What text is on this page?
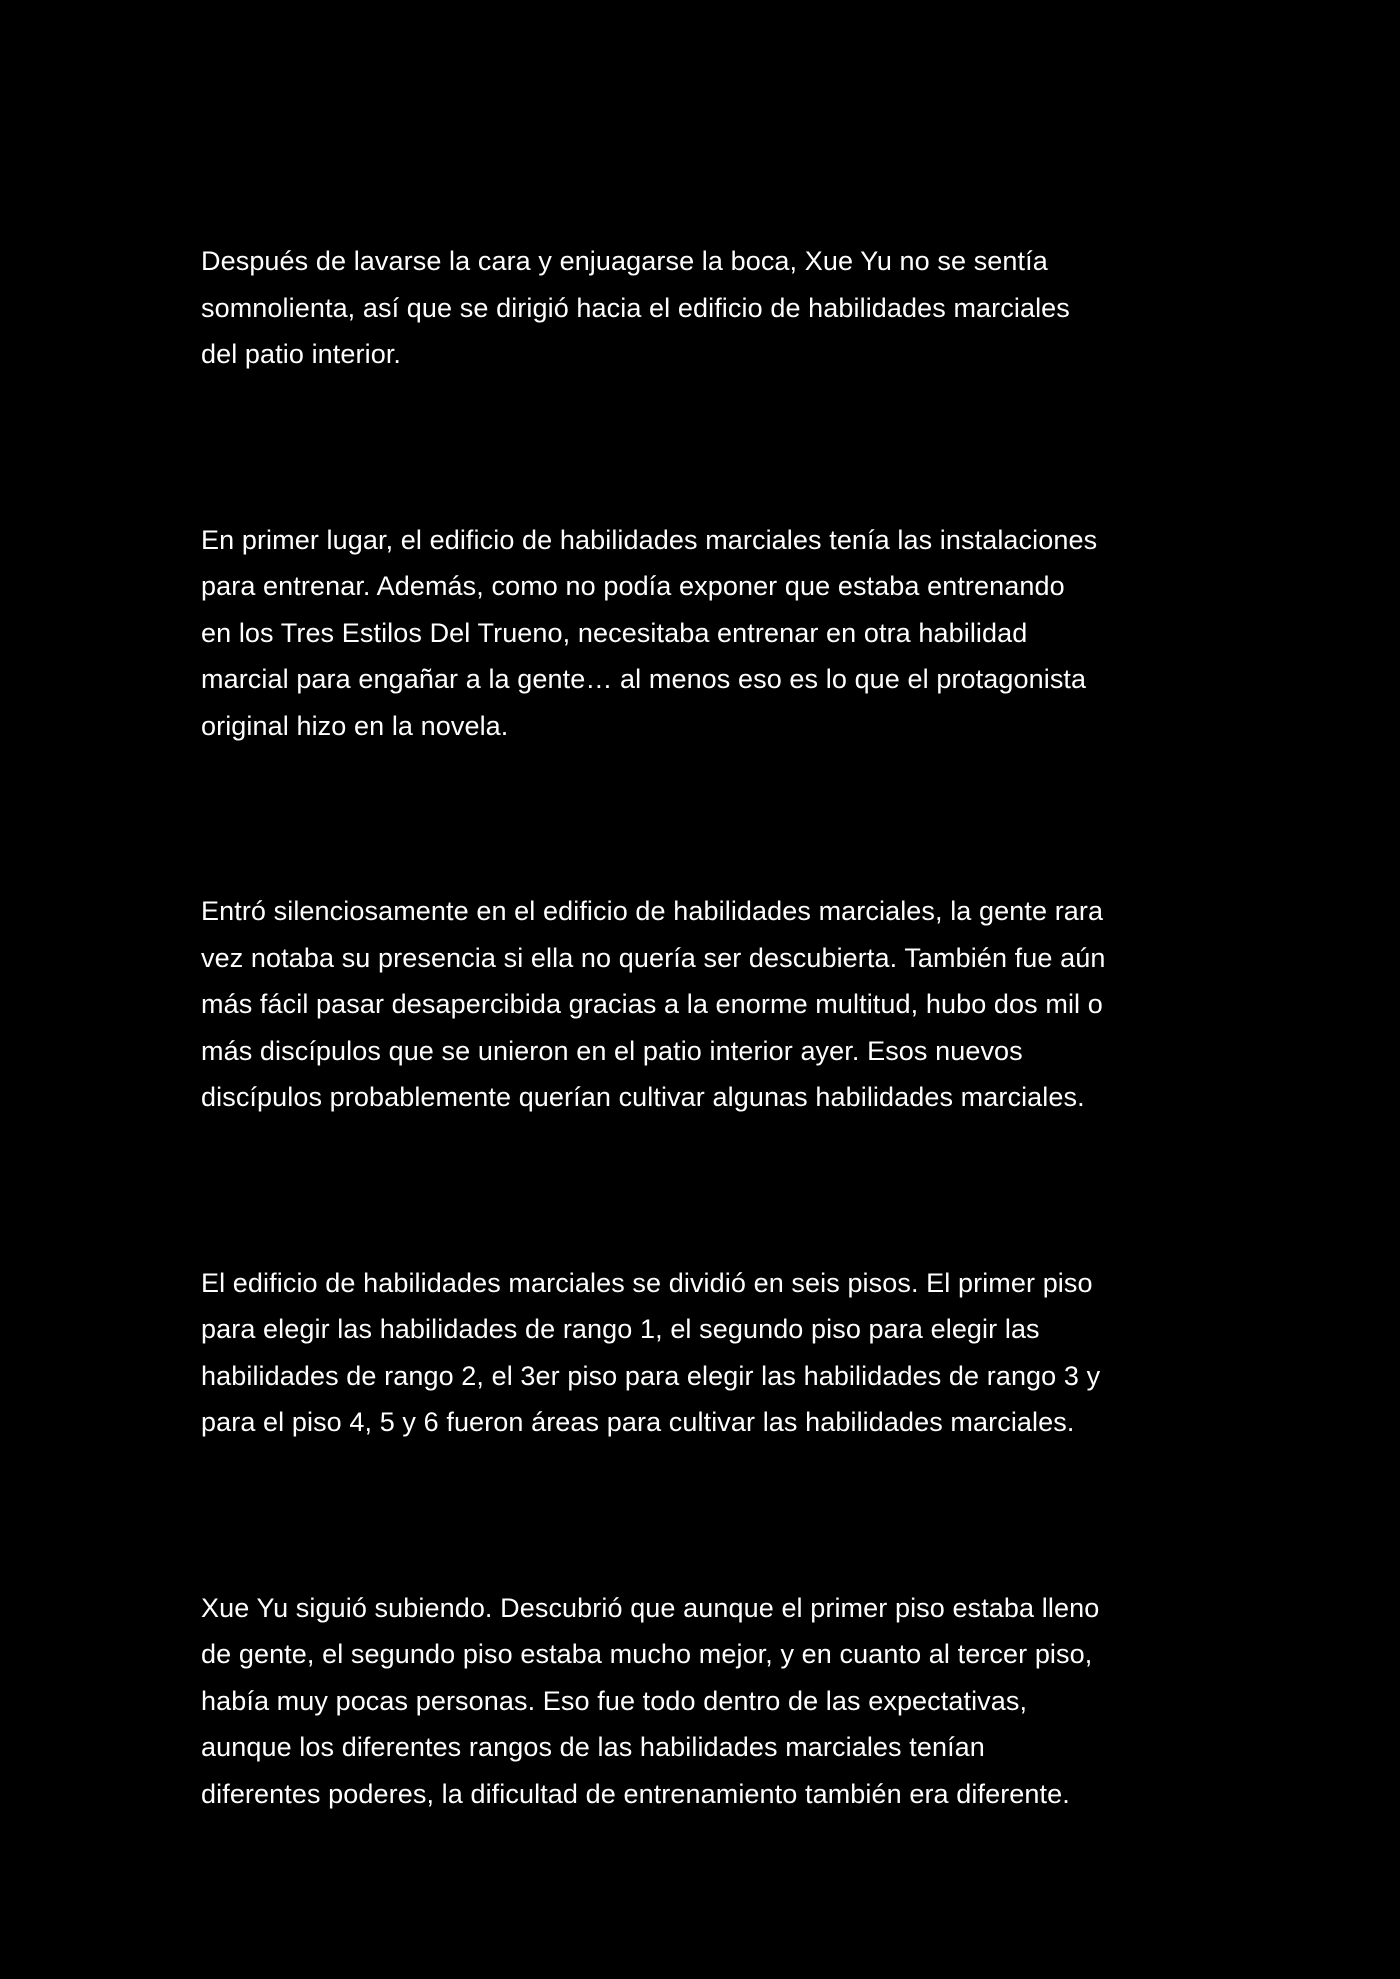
Después de lavarse la cara y enjuagarse la boca, Xue Yu no se sentía
somnolienta, así que se dirigió hacia el edificio de habilidades marciales
del patio interior.

En primer lugar, el edificio de habilidades marciales tenía las instalaciones
para entrenar. Además, como no podía exponer que estaba entrenando
en los Tres Estilos Del Trueno, necesitaba entrenar en otra habilidad
marcial para engañar a la gente… al menos eso es lo que el protagonista
original hizo en la novela.

Entró silenciosamente en el edificio de habilidades marciales, la gente rara
vez notaba su presencia si ella no quería ser descubierta. También fue aún
más fácil pasar desapercibida gracias a la enorme multitud, hubo dos mil o
más discípulos que se unieron en el patio interior ayer. Esos nuevos
discípulos probablemente querían cultivar algunas habilidades marciales.

El edificio de habilidades marciales se dividió en seis pisos. El primer piso
para elegir las habilidades de rango 1, el segundo piso para elegir las
habilidades de rango 2, el 3er piso para elegir las habilidades de rango 3 y
para el piso 4, 5 y 6 fueron áreas para cultivar las habilidades marciales.

Xue Yu siguió subiendo. Descubrió que aunque el primer piso estaba lleno
de gente, el segundo piso estaba mucho mejor, y en cuanto al tercer piso,
había muy pocas personas. Eso fue todo dentro de las expectativas,
aunque los diferentes rangos de las habilidades marciales tenían
diferentes poderes, la dificultad de entrenamiento también era diferente.
